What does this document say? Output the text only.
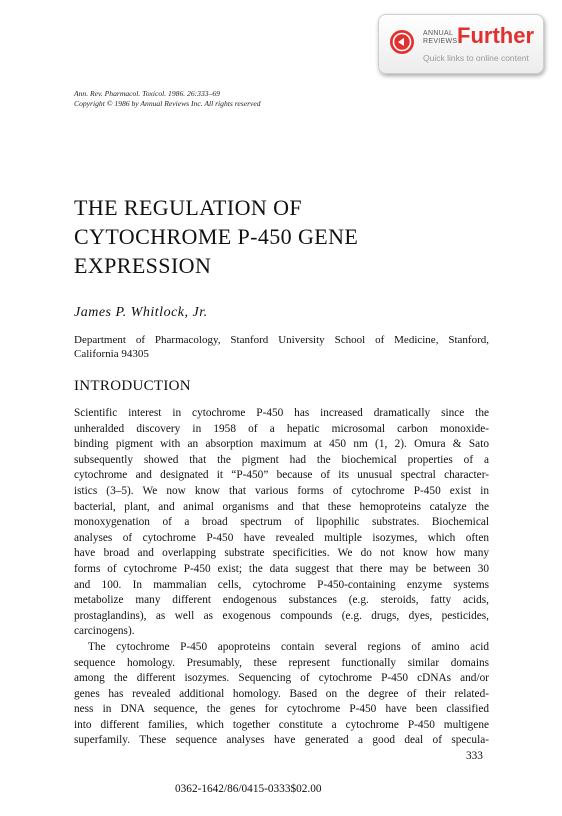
ANNUAL
REVIEWS Further
Quick links to online content
Ann. Rev. Pharmacol. Toxicol. 1986. 26:333–69
Copyright © 1986 by Annual Reviews Inc. All rights reserved
THE REGULATION OF
CYTOCHROME P-450 GENE
EXPRESSION
James P. Whitlock, Jr.
Department of Pharmacology, Stanford University School of Medicine, Stanford,
California 94305
INTRODUCTION
Scientific interest in cytochrome P-450 has increased dramatically since the
unheralded discovery in 1958 of a hepatic microsomal carbon monoxide-
binding pigment with an absorption maximum at 450 nm (1, 2). Omura & Sato
subsequently showed that the pigment had the biochemical properties of a
cytochrome and designated it “P-450” because of its unusual spectral character-
istics (3–5). We now know that various forms of cytochrome P-450 exist in
bacterial, plant, and animal organisms and that these hemoproteins catalyze the
monoxygenation of a broad spectrum of lipophilic substrates. Biochemical
analyses of cytochrome P-450 have revealed multiple isozymes, which often
have broad and overlapping substrate specificities. We do not know how many
forms of cytochrome P-450 exist; the data suggest that there may be between 30
and 100. In mammalian cells, cytochrome P-450-containing enzyme systems
metabolize many different endogenous substances (e.g. steroids, fatty acids,
prostaglandins), as well as exogenous compounds (e.g. drugs, dyes, pesticides,
carcinogens).
The cytochrome P-450 apoproteins contain several regions of amino acid
sequence homology. Presumably, these represent functionally similar domains
among the different isozymes. Sequencing of cytochrome P-450 cDNAs and/or
genes has revealed additional homology. Based on the degree of their related-
ness in DNA sequence, the genes for cytochrome P-450 have been classified
into different families, which together constitute a cytochrome P-450 multigene
superfamily. These sequence analyses have generated a good deal of specula-
333
0362-1642/86/0415-0333$02.00
